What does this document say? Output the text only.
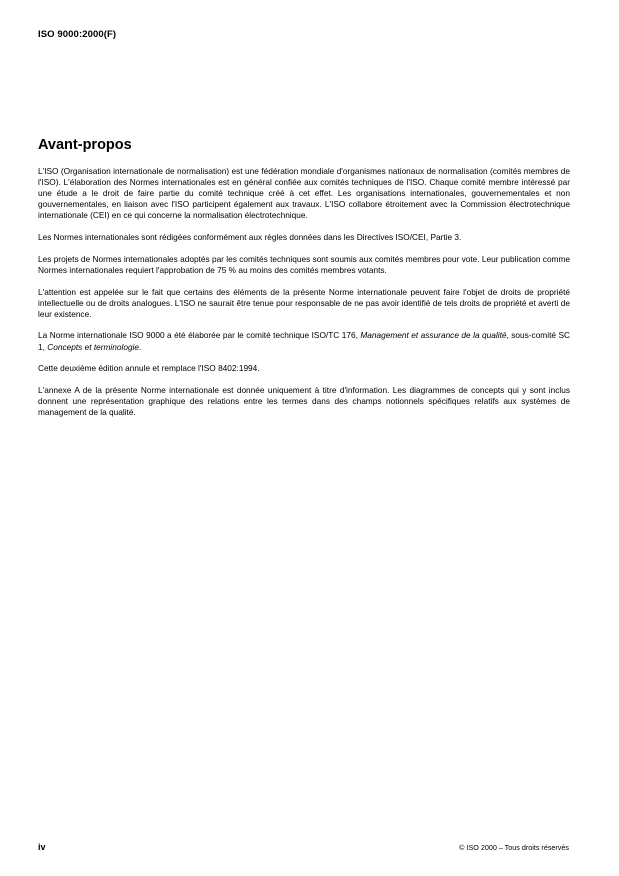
ISO 9000:2000(F)
Avant-propos

L'ISO (Organisation internationale de normalisation) est une fédération mondiale d'organismes nationaux de normalisation (comités membres de l'ISO). L'élaboration des Normes internationales est en général confiée aux comités techniques de l'ISO. Chaque comité membre intéressé par une étude a le droit de faire partie du comité technique créé à cet effet. Les organisations internationales, gouvernementales et non gouvernementales, en liaison avec l'ISO participent également aux travaux. L'ISO collabore étroitement avec la Commission électrotechnique internationale (CEI) en ce qui concerne la normalisation électrotechnique.

Les Normes internationales sont rédigées conformément aux règles données dans les Directives ISO/CEI, Partie 3.

Les projets de Normes internationales adoptés par les comités techniques sont soumis aux comités membres pour vote. Leur publication comme Normes internationales requiert l'approbation de 75 % au moins des comités membres votants.

L'attention est appelée sur le fait que certains des éléments de la présente Norme internationale peuvent faire l'objet de droits de propriété intellectuelle ou de droits analogues. L'ISO ne saurait être tenue pour responsable de ne pas avoir identifié de tels droits de propriété et averti de leur existence.

La Norme internationale ISO 9000 a été élaborée par le comité technique ISO/TC 176, Management et assurance de la qualité, sous-comité SC 1, Concepts et terminologie.

Cette deuxième édition annule et remplace l'ISO 8402:1994.

L'annexe A de la présente Norme internationale est donnée uniquement à titre d'information. Les diagrammes de concepts qui y sont inclus donnent une représentation graphique des relations entre les termes dans des champs notionnels spécifiques relatifs aux systèmes de management de la qualité.

iv	© ISO 2000 – Tous droits réservés
